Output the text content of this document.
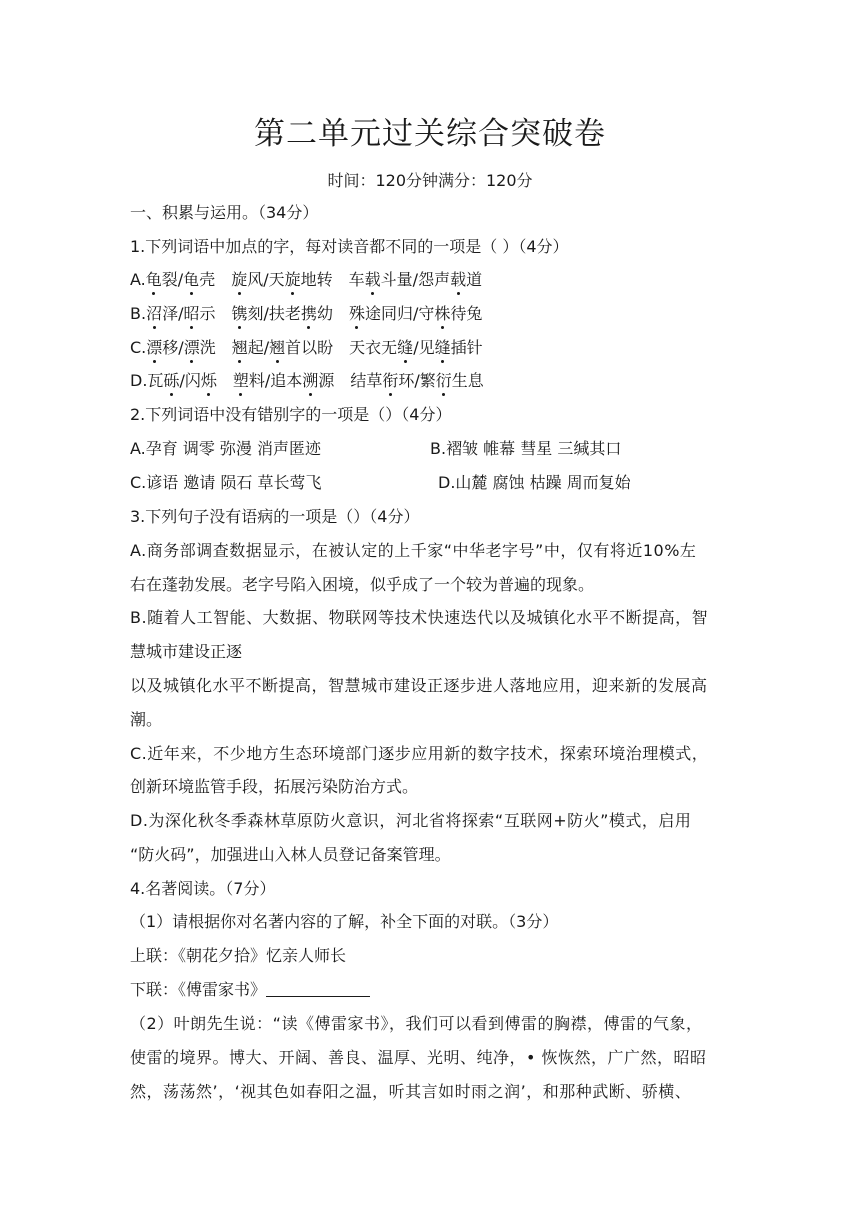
第二单元过关综合突破卷
时间：120分钟满分：120分
一、积累与运用。（34分）
1.下列词语中加点的字，每对读音都不同的一项是（ ）（4分）
A.龟裂/龟壳　旋风/天旋地转　车载斗量/怨声载道
B.沼泽/昭示　镌刻/扶老携幼　殊途同归/守株待兔
C.漂移/漂洗　翘起/翘首以盼　天衣无缝/见缝插针
D.瓦砾/闪烁　 塑料/追本溯源　结草衔环/繁衍生息
2.下列词语中没有错别字的一项是（）（4分）
A.孕育 调零 弥漫 消声匿迹	B.褶皱 帷幕 彗星 三缄其口
C.谚语 邀请 陨石 草长莺飞	D.山麓 腐蚀 枯躁 周而复始
3.下列句子没有语病的一项是（）（4分）
A.商务部调查数据显示，在被认定的上千家“中华老字号”中，仅有将近10%左
右在蓬勃发展。老字号陷入困境，似乎成了一个较为普遍的现象。
B.随着人工智能、大数据、物联网等技术快速迭代以及城镇化水平不断提高，智
慧城市建设正逐
以及城镇化水平不断提高，智慧城市建设正逐步进人落地应用，迎来新的发展高
潮。
C.近年来，不少地方生态环境部门逐步应用新的数字技术，探索环境治理模式，
创新环境监管手段，拓展污染防治方式。
D.为深化秋冬季森林草原防火意识，河北省将探索“互联网+防火”模式，启用
“防火码”，加强进山入林人员登记备案管理。
4.名著阅读。（7分）
（1）请根据你对名著内容的了解，补全下面的对联。（3分）
上联：《朝花夕拾》忆亲人师长
下联：《傅雷家书》
（2）叶朗先生说：“读《傅雷家书》，我们可以看到傅雷的胸襟，傅雷的气象，
使雷的境界。博大、开阔、善良、温厚、光明、纯净，• 恢恢然，广广然，昭昭
然，荡荡然’，‘视其色如春阳之温，听其言如时雨之润’，和那种武断、骄横、
